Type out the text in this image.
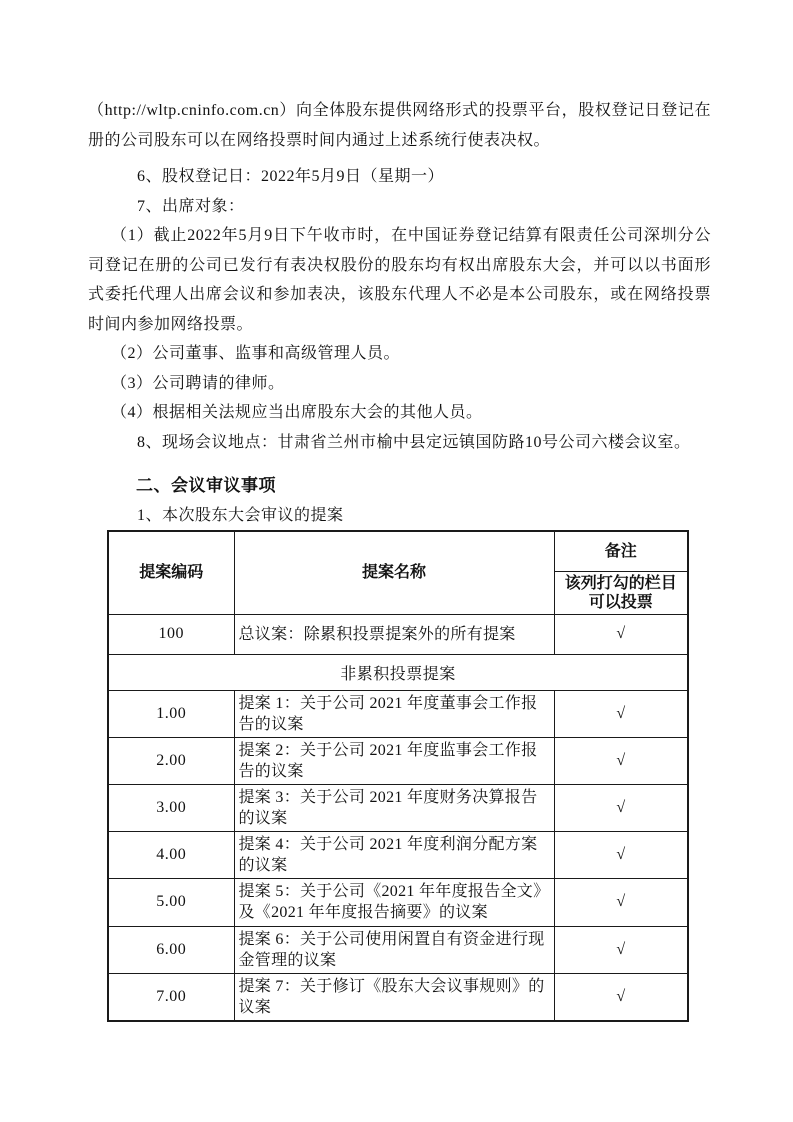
（http://wltp.cninfo.com.cn）向全体股东提供网络形式的投票平台，股权登记日登记在册的公司股东可以在网络投票时间内通过上述系统行使表决权。

6、股权登记日：2022年5月9日（星期一）

7、出席对象：

（1）截止2022年5月9日下午收市时，在中国证券登记结算有限责任公司深圳分公司登记在册的公司已发行有表决权股份的股东均有权出席股东大会，并可以以书面形式委托代理人出席会议和参加表决，该股东代理人不必是本公司股东，或在网络投票时间内参加网络投票。

（2）公司董事、监事和高级管理人员。

（3）公司聘请的律师。

（4）根据相关法规应当出席股东大会的其他人员。

8、现场会议地点：甘肃省兰州市榆中县定远镇国防路10号公司六楼会议室。

二、会议审议事项

1、本次股东大会审议的提案

提案编码	提案名称	备注
		该列打勾的栏目可以投票
100	总议案：除累积投票提案外的所有提案	√
非累积投票提案		
1.00	提案 1：关于公司 2021 年度董事会工作报告的议案	√
2.00	提案 2：关于公司 2021 年度监事会工作报告的议案	√
3.00	提案 3：关于公司 2021 年度财务决算报告的议案	√
4.00	提案 4：关于公司 2021 年度利润分配方案的议案	√
5.00	提案 5：关于公司《2021 年年度报告全文》及《2021 年年度报告摘要》的议案	√
6.00	提案 6：关于公司使用闲置自有资金进行现金管理的议案	√
7.00	提案 7：关于修订《股东大会议事规则》的议案	√
